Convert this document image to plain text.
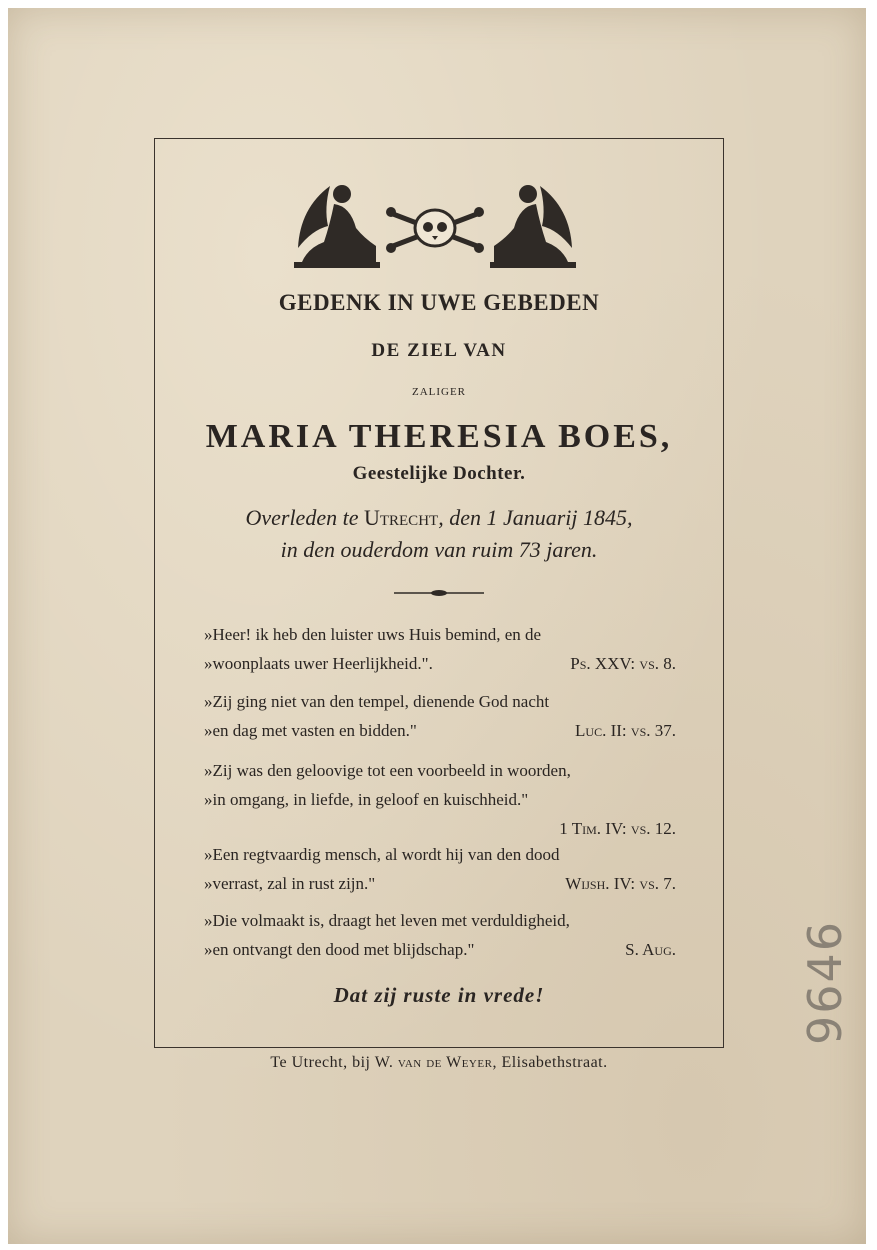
GEDENK IN UWE GEBEDEN
DE ZIEL VAN
ZALIGER
MARIA THERESIA BOES,
Geestelijke Dochter.
Overleden te Utrecht, den 1 Januarij 1845,
in den ouderdom van ruim 73 jaren.
»Heer! ik heb den luister uws Huis bemind, en de
»woonplaats uwer Heerlijkheid.".	Ps. XXV: vs. 8.
»Zij ging niet van den tempel, dienende God nacht
»en dag met vasten en bidden."	Luc. II: vs. 37.
»Zij was den geloovige tot een voorbeeld in woorden,
»in omgang, in liefde, in geloof en kuischheid."
1 Tim. IV: vs. 12.
»Een regtvaardig mensch, al wordt hij van den dood
»verrast, zal in rust zijn."	Wijsh. IV: vs. 7.
»Die volmaakt is, draagt het leven met verduldigheid,
»en ontvangt den dood met blijdschap."	S. Aug.
Dat zij ruste in vrede!
Te Utrecht, bij W. van de Weyer, Elisabethstraat.
9646
